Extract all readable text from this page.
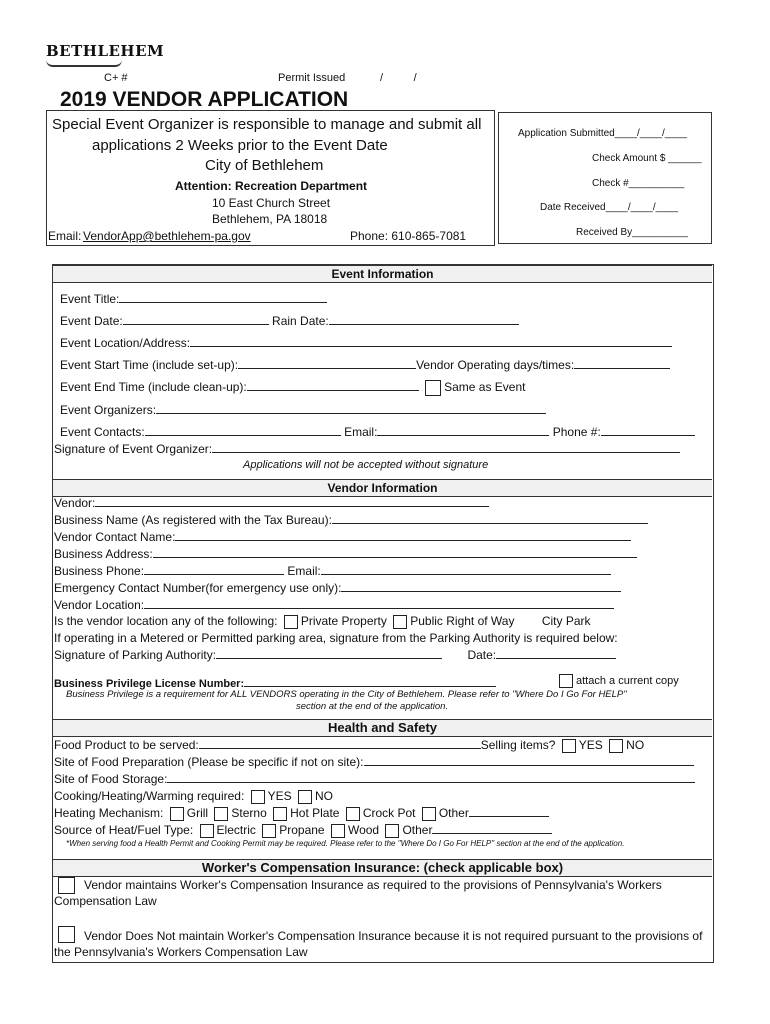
BETHLEHEM
C+ #	Permit Issued	/          /
2019 VENDOR APPLICATION
Special Event Organizer is responsible to manage and submit all
applications 2 Weeks prior to the Event Date
City of Bethlehem
Attention: Recreation Department
10 East Church Street
Bethlehem, PA 18018
Email: VendorApp@bethlehem-pa.gov	Phone: 610-865-7081
Application Submitted____/____/____
Check Amount $ ______
Check #__________
Date Received____/____/____
Received By__________
Event Information
Event Title:
Event Date:	Rain Date:
Event Location/Address:
Event Start Time (include set-up):	Vendor Operating days/times:
Event End Time (include clean-up):	Same as Event
Event Organizers:
Event Contacts:	Email:	Phone #:
Signature of Event Organizer:
Applications will not be accepted without signature
Vendor Information
Vendor:
Business Name (As registered with the Tax Bureau):
Vendor Contact Name:
Business Address:
Business Phone:	Email:
Emergency Contact Number(for emergency use only):
Vendor Location:
Is the vendor location any of the following: Private Property Public Right of Way City Park
If operating in a Metered or Permitted parking area, signature from the Parking Authority is required below:
Signature of Parking Authority:	Date:
Business Privilege License Number:	attach a current copy
Business Privilege is a requirement for ALL VENDORS operating in the City of Bethlehem. Please refer to "Where Do I Go For HELP"
section at the end of the application.
Health and Safety
Food Product to be served:	Selling items? YES NO
Site of Food Preparation (Please be specific if not on site):
Site of Food Storage:
Cooking/Heating/Warming required: YES NO
Heating Mechanism: Grill Sterno Hot Plate Crock Pot Other
Source of Heat/Fuel Type: Electric Propane Wood Other
*When serving food a Health Permit and Cooking Permit may be required. Please refer to the "Where Do I Go For HELP" section at the end of the application.
Worker's Compensation Insurance: (check applicable box)
Vendor maintains Worker's Compensation Insurance as required to the provisions of Pennsylvania's Workers
Compensation Law
Vendor Does Not maintain Worker's Compensation Insurance because it is not required pursuant to the provisions of
the Pennsylvania's Workers Compensation Law
